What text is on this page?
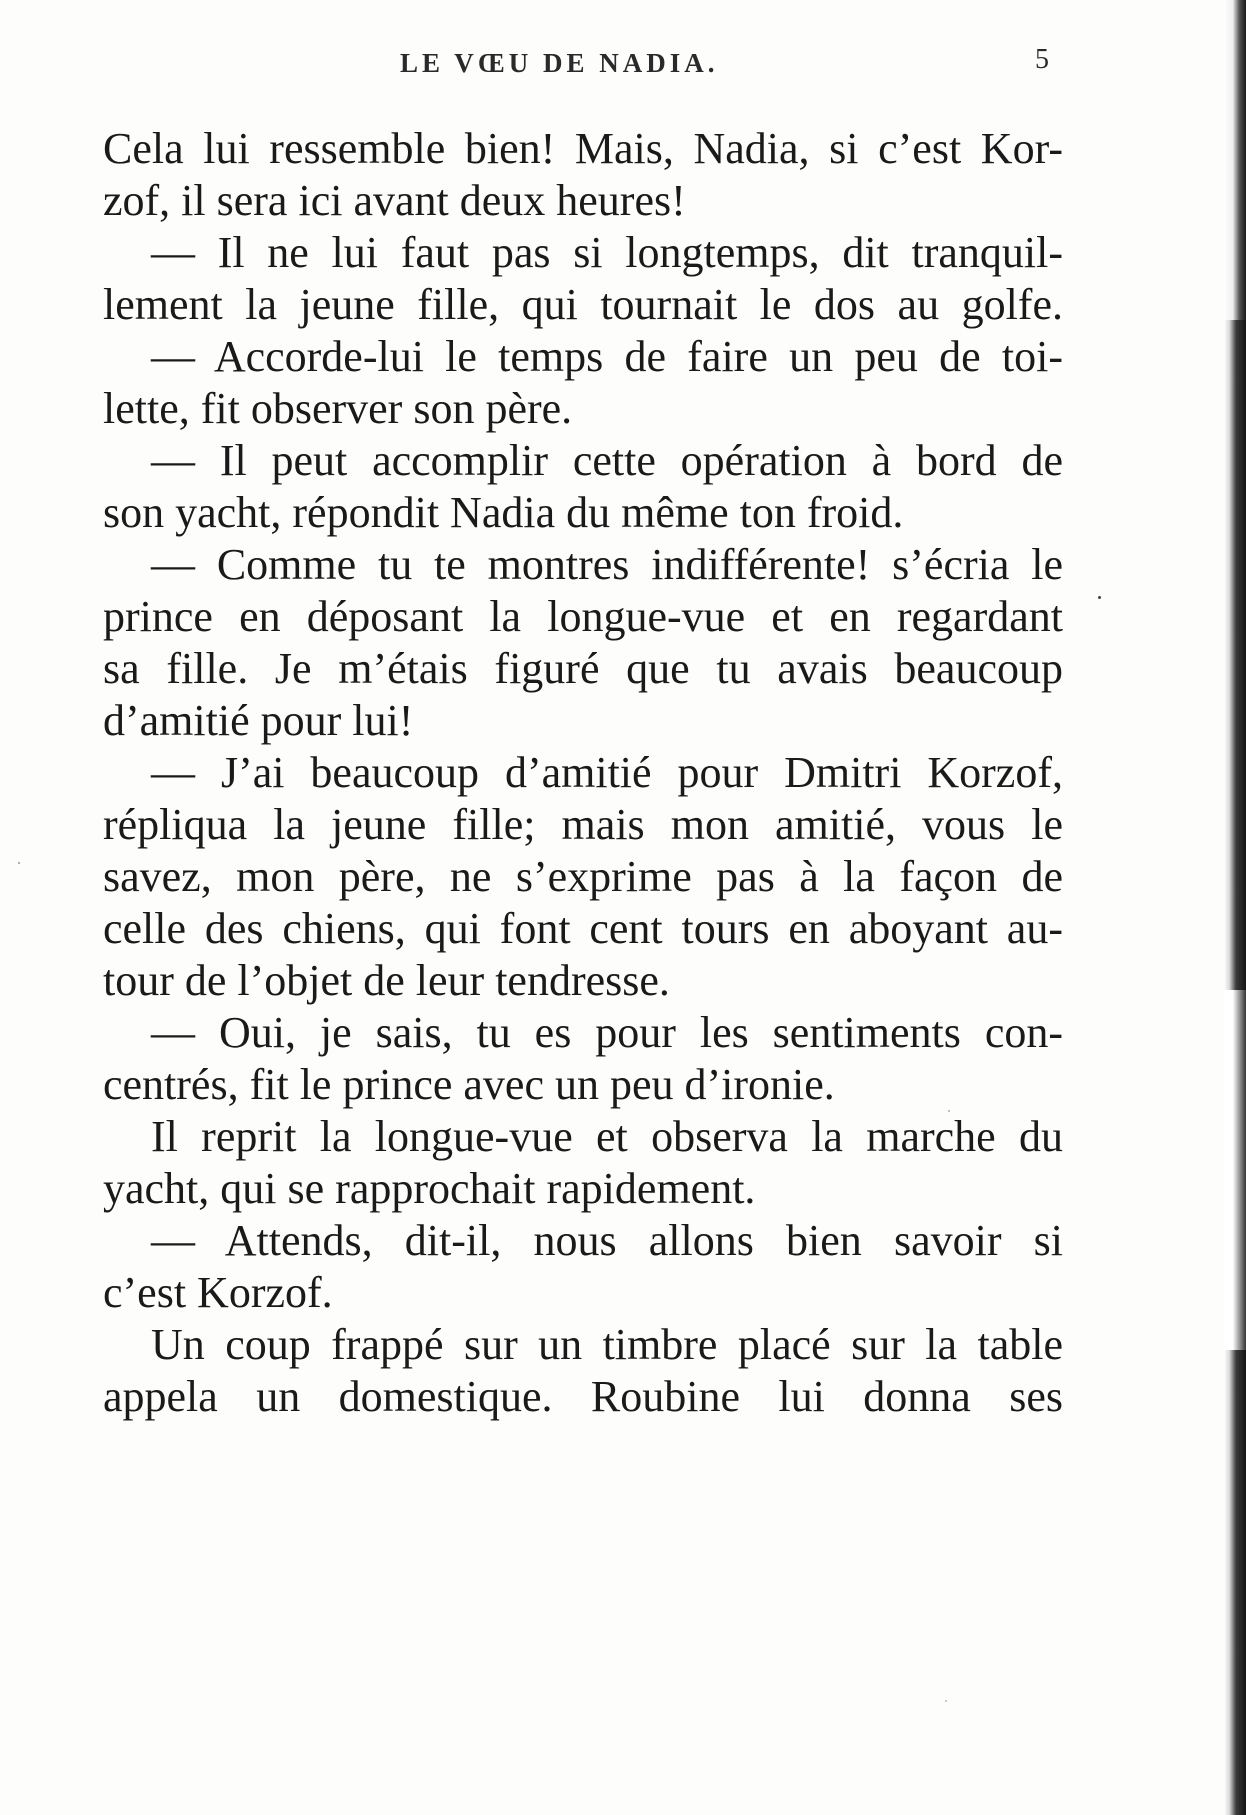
LE VŒU DE NADIA.	5
Cela lui ressemble bien! Mais, Nadia, si c’est Kor-
zof, il sera ici avant deux heures!
— Il ne lui faut pas si longtemps, dit tranquil-
lement la jeune fille, qui tournait le dos au golfe.
— Accorde-lui le temps de faire un peu de toi-
lette, fit observer son père.
— Il peut accomplir cette opération à bord de
son yacht, répondit Nadia du même ton froid.
— Comme tu te montres indifférente! s’écria le
prince en déposant la longue-vue et en regardant
sa fille. Je m’étais figuré que tu avais beaucoup
d’amitié pour lui!
— J’ai beaucoup d’amitié pour Dmitri Korzof,
répliqua la jeune fille; mais mon amitié, vous le
savez, mon père, ne s’exprime pas à la façon de
celle des chiens, qui font cent tours en aboyant au-
tour de l’objet de leur tendresse.
— Oui, je sais, tu es pour les sentiments con-
centrés, fit le prince avec un peu d’ironie.
Il reprit la longue-vue et observa la marche du
yacht, qui se rapprochait rapidement.
— Attends, dit-il, nous allons bien savoir si
c’est Korzof.
Un coup frappé sur un timbre placé sur la table
appela un domestique. Roubine lui donna ses
